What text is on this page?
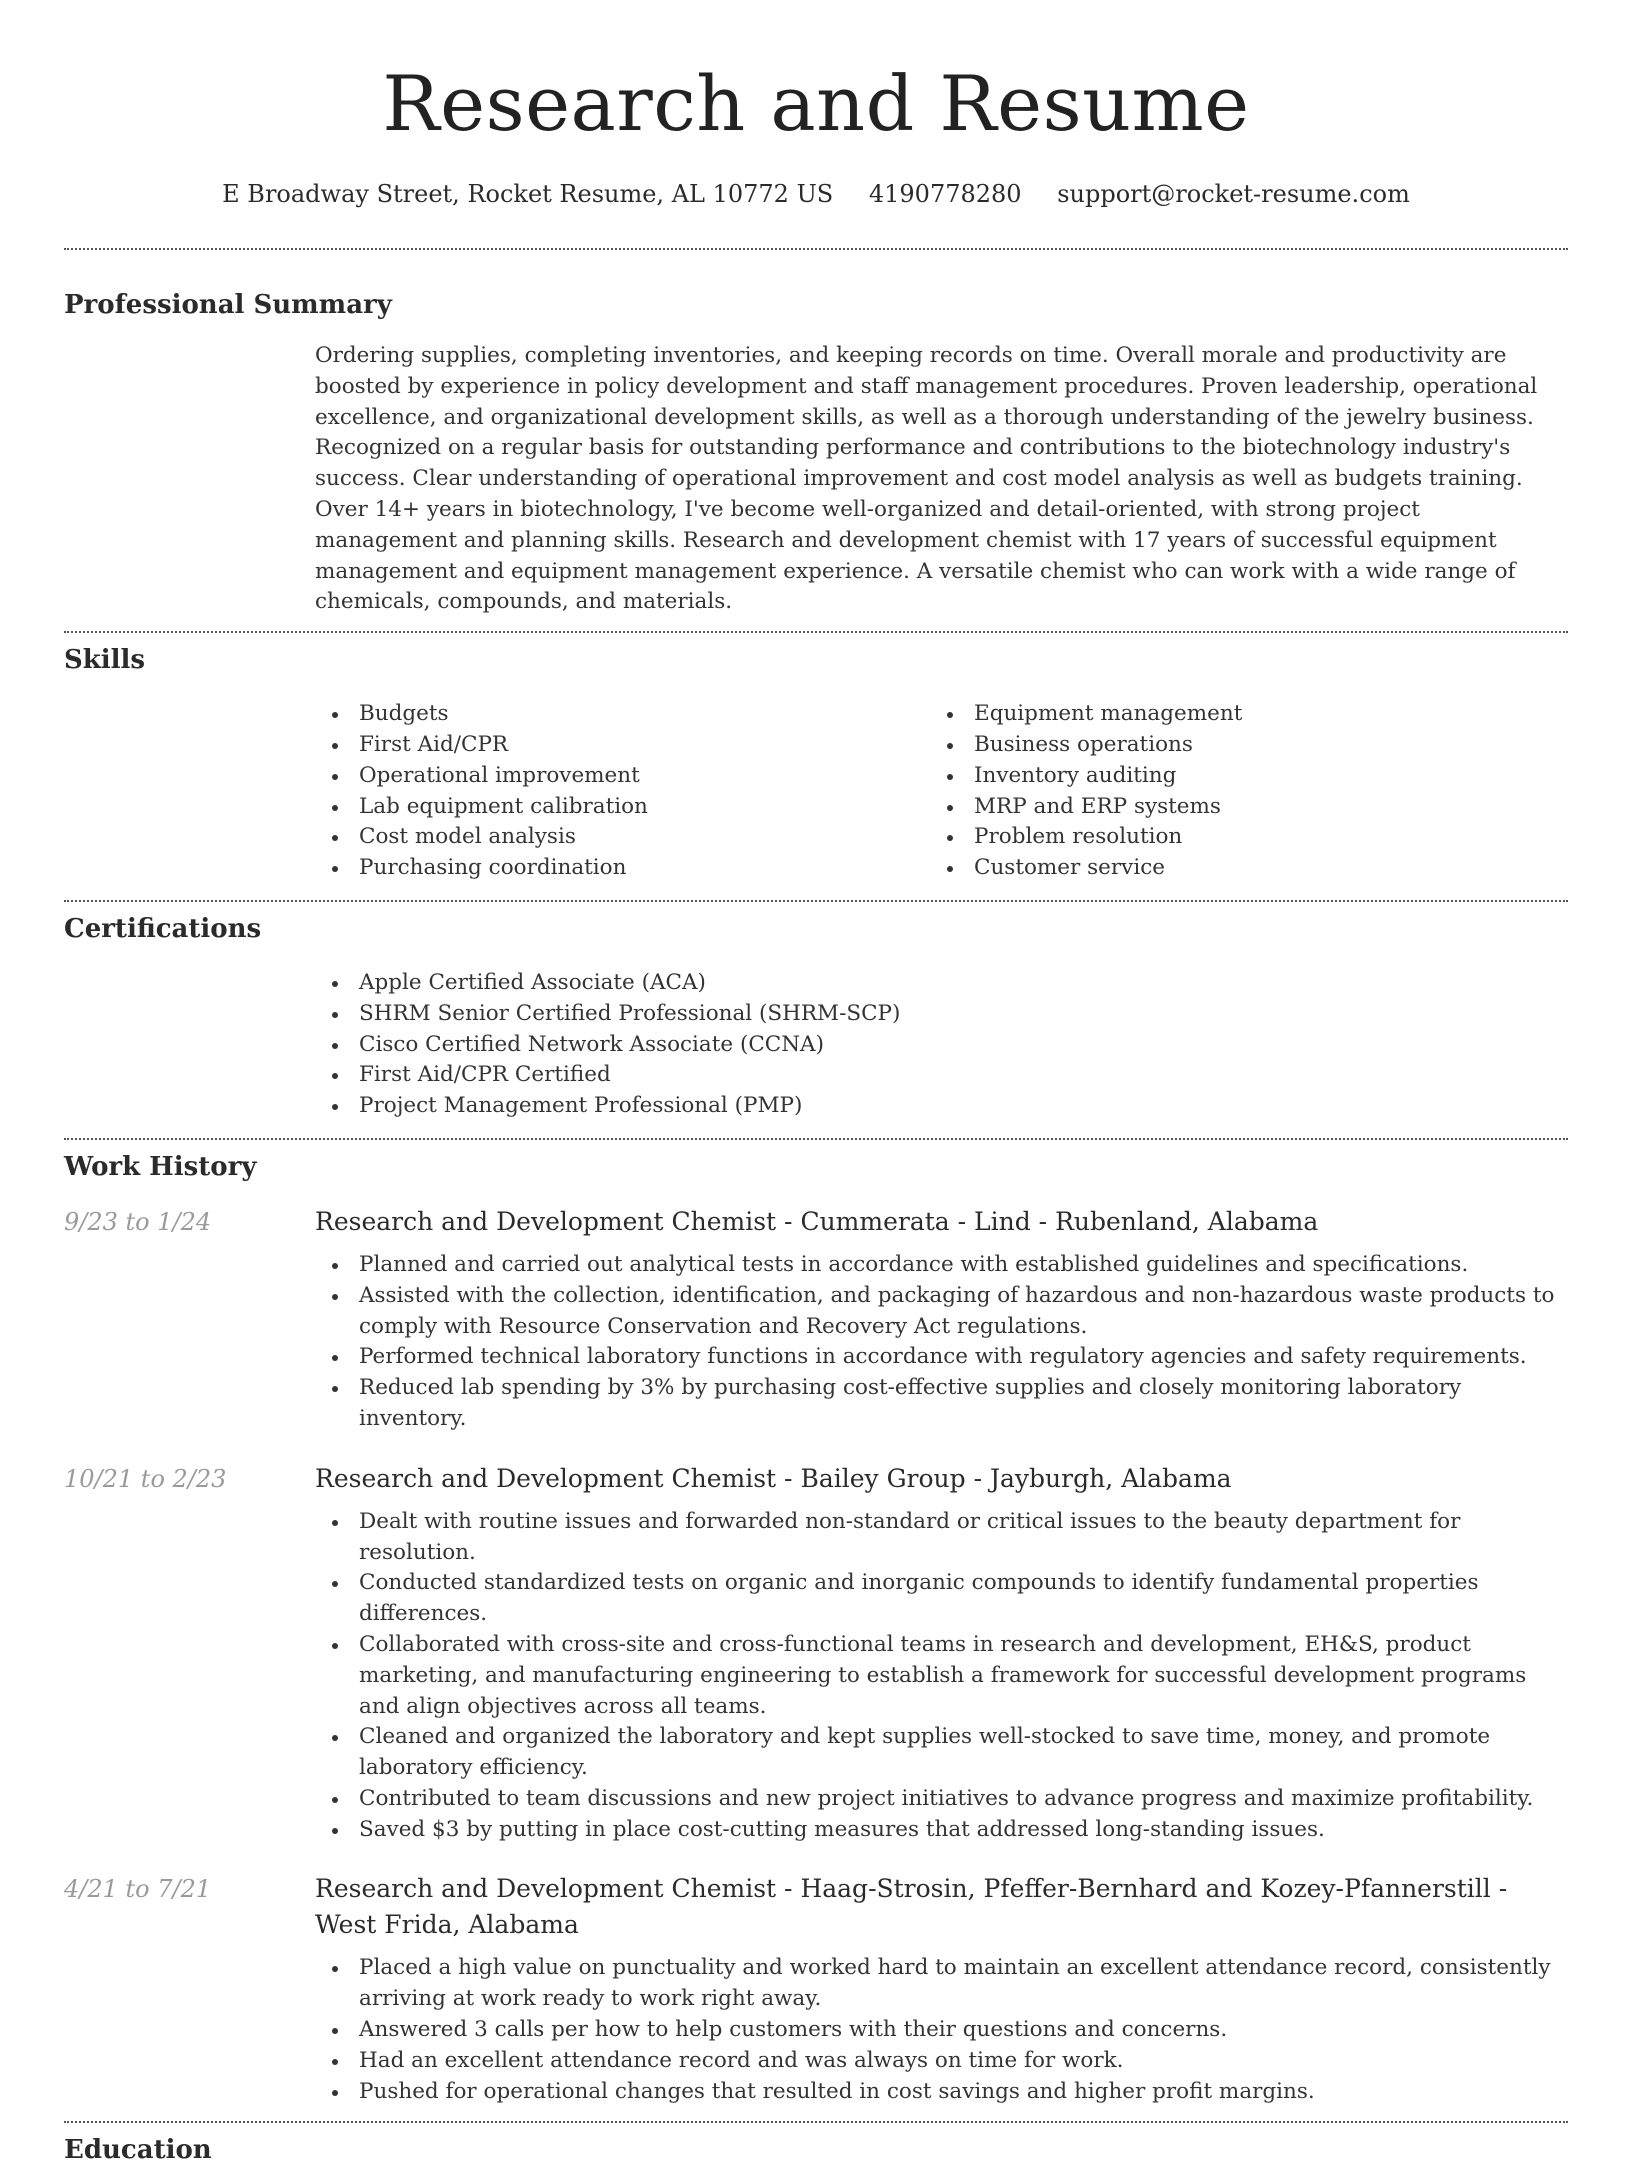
Research and Resume
E Broadway Street, Rocket Resume, AL 10772 US 4190778280 support@rocket-resume.com
Professional Summary

Ordering supplies, completing inventories, and keeping records on time. Overall morale and productivity are boosted by experience in policy development and staff management procedures. Proven leadership, operational excellence, and organizational development skills, as well as a thorough understanding of the jewelry business. Recognized on a regular basis for outstanding performance and contributions to the biotechnology industry's success. Clear understanding of operational improvement and cost model analysis as well as budgets training. Over 14+ years in biotechnology, I've become well-organized and detail-oriented, with strong project management and planning skills. Research and development chemist with 17 years of successful equipment management and equipment management experience. A versatile chemist who can work with a wide range of chemicals, compounds, and materials.

Skills
Budgets
First Aid/CPR
Operational improvement
Lab equipment calibration
Cost model analysis
Purchasing coordination
Equipment management
Business operations
Inventory auditing
MRP and ERP systems
Problem resolution
Customer service
Certifications
Apple Certified Associate (ACA)
SHRM Senior Certified Professional (SHRM-SCP)
Cisco Certified Network Associate (CCNA)
First Aid/CPR Certified
Project Management Professional (PMP)
Work History
9/23 to 1/24	Research and Development Chemist - Cummerata - Lind - Rubenland, Alabama
Planned and carried out analytical tests in accordance with established guidelines and specifications.
Assisted with the collection, identification, and packaging of hazardous and non-hazardous waste products to comply with Resource Conservation and Recovery Act regulations.
Performed technical laboratory functions in accordance with regulatory agencies and safety requirements.
Reduced lab spending by 3% by purchasing cost-effective supplies and closely monitoring laboratory inventory.
10/21 to 2/23	Research and Development Chemist - Bailey Group - Jayburgh, Alabama
Dealt with routine issues and forwarded non-standard or critical issues to the beauty department for resolution.
Conducted standardized tests on organic and inorganic compounds to identify fundamental properties differences.
Collaborated with cross-site and cross-functional teams in research and development, EH&S, product marketing, and manufacturing engineering to establish a framework for successful development programs and align objectives across all teams.
Cleaned and organized the laboratory and kept supplies well-stocked to save time, money, and promote laboratory efficiency.
Contributed to team discussions and new project initiatives to advance progress and maximize profitability.
Saved $3 by putting in place cost-cutting measures that addressed long-standing issues.
4/21 to 7/21	Research and Development Chemist - Haag-Strosin, Pfeffer-Bernhard and Kozey-Pfannerstill - West Frida, Alabama
Placed a high value on punctuality and worked hard to maintain an excellent attendance record, consistently arriving at work ready to work right away.
Answered 3 calls per how to help customers with their questions and concerns.
Had an excellent attendance record and was always on time for work.
Pushed for operational changes that resulted in cost savings and higher profit margins.
Education
